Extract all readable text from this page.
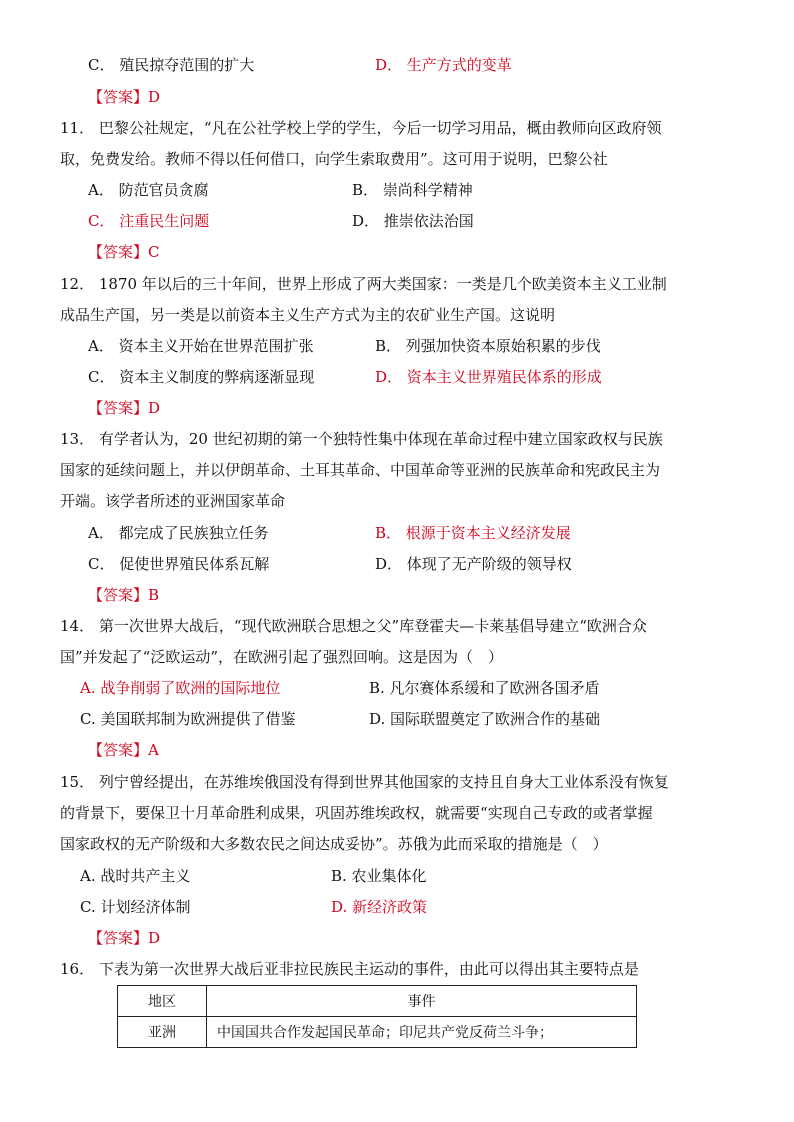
C． 殖民掠夺范围的扩大	D． 生产方式的变革
【答案】D
11． 巴黎公社规定，“凡在公社学校上学的学生，今后一切学习用品，概由教师向区政府领
取，免费发给。教师不得以任何借口，向学生索取费用”。这可用于说明，巴黎公社
A． 防范官员贪腐	B． 崇尚科学精神
C． 注重民生问题	D． 推崇依法治国
【答案】C
12． 1870 年以后的三十年间，世界上形成了两大类国家：一类是几个欧美资本主义工业制
成品生产国，另一类是以前资本主义生产方式为主的农矿业生产国。这说明
A． 资本主义开始在世界范围扩张	B． 列强加快资本原始积累的步伐
C． 资本主义制度的弊病逐渐显现	D． 资本主义世界殖民体系的形成
【答案】D
13． 有学者认为，20 世纪初期的第一个独特性集中体现在革命过程中建立国家政权与民族
国家的延续问题上，并以伊朗革命、土耳其革命、中国革命等亚洲的民族革命和宪政民主为
开端。该学者所述的亚洲国家革命
A． 都完成了民族独立任务	B． 根源于资本主义经济发展
C． 促使世界殖民体系瓦解	D． 体现了无产阶级的领导权
【答案】B
14． 第一次世界大战后，“现代欧洲联合思想之父”库登霍夫—卡莱基倡导建立“欧洲合众
国”并发起了“泛欧运动”，在欧洲引起了强烈回响。这是因为（　）
A. 战争削弱了欧洲的国际地位	B. 凡尔赛体系缓和了欧洲各国矛盾
C. 美国联邦制为欧洲提供了借鉴	D. 国际联盟奠定了欧洲合作的基础
【答案】A
15． 列宁曾经提出，在苏维埃俄国没有得到世界其他国家的支持且自身大工业体系没有恢复
的背景下，要保卫十月革命胜利成果，巩固苏维埃政权，就需要“实现自己专政的或者掌握
国家政权的无产阶级和大多数农民之间达成妥协”。苏俄为此而采取的措施是（　）
A. 战时共产主义	B. 农业集体化
C. 计划经济体制	D. 新经济政策
【答案】D
16． 下表为第一次世界大战后亚非拉民族民主运动的事件，由此可以得出其主要特点是
地区	事件
亚洲	中国国共合作发起国民革命；印尼共产党反荷兰斗争；
